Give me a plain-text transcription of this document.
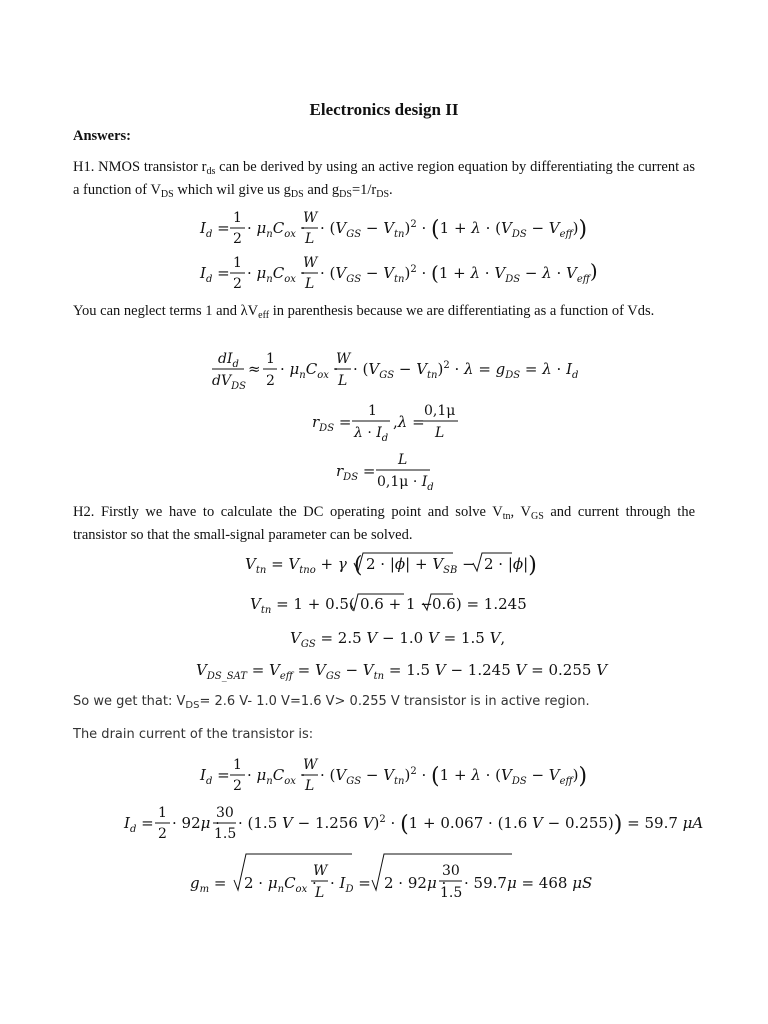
Electronics design II
Answers:
H1. NMOS transistor $r_{ds}$ can be derived by using an active region equation by differentiating the current as a function of $V_{DS}$ which wil give us $g_{DS}$ and $g_{DS}=1/r_{DS}$.
$I_d$ =
1
2
· $\mu_nC_{ox}$ ·
W
L
· $(V_{GS} - V_{tn})^2 \cdot (1 + \lambda \cdot (V_{DS} - V_{eff}))$
$I_d$ =
1
2
· $\mu_nC_{ox}$ ·
W
L
· $(V_{GS} - V_{tn})^2 \cdot (1 + \lambda \cdot V_{DS} - \lambda \cdot V_{eff})$
You can neglect terms 1 and $\lambda V_{eff}$ in parenthesis because we are differentiating as a function of Vds.
$dI_d$
$dV_{DS}$
≈
1
2
· $\mu_nC_{ox}$ ·
W
L
· $(V_{GS} - V_{tn})^2 \cdot \lambda = g_{DS} = \lambda \cdot I_d$
$r_{DS}$ =
1
$\lambda \cdot I_d$
,λ =
0,1μ
L
$r_{DS}$ =
L
$0,1\mu \cdot I_d$
H2. Firstly we have to calculate the DC operating point and solve $V_{tn}$, $V_{GS}$ and current through the transistor so that the small-signal parameter can be solved.
$V_{tn} = V_{tno} + \gamma$ ( $2 \cdot |\phi| + V_{SB} - 2 \cdot |\phi|$)
$V_{tn} = 1 + 0.5$( 0.6 + 1 − 0.6) = 1.245
$V_{GS} = 2.5$ V − 1.0 V = 1.5 V,
$V_{DS\_SAT} = V_{eff} = V_{GS} - V_{tn} = 1.5$ V − 1.245 V = 0.255 V
So we get that: $V_{DS}= 2.6$ V- 1.0 V=1.6 V> 0.255 V transistor is in active region.
The drain current of the transistor is:
$I_d$ =
1
2
· $\mu_nC_{ox}$ ·
W
L
· $(V_{GS} - V_{tn})^2 \cdot (1 + \lambda \cdot (V_{DS} - V_{eff}))$
$I_d$ =
1
2
· 92μ ·
30
1.5
· (1.5 V − 1.256 V)$^2$ · (1 + 0.067 · (1.6 V − 0.255)) = 59.7 μA
$g_m = 2 \cdot \mu_nC_{ox}$ ·
W
L
· $I_D = 2 \cdot 92\mu$ ·
30
1.5
· 59.7μ = 468 μS
